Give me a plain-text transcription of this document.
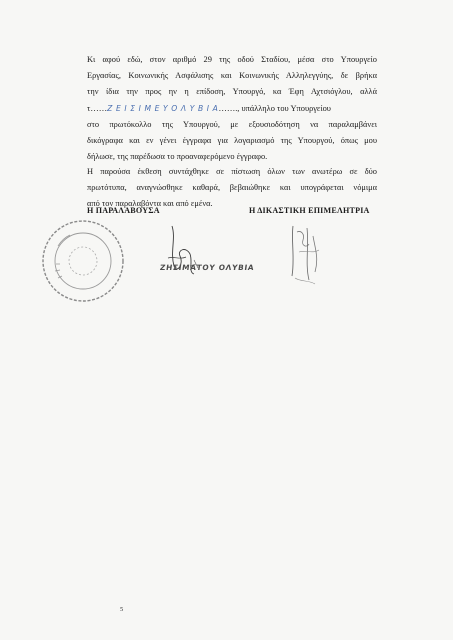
Κι αφού εδώ, στον αριθμό 29 της οδού Σταδίου, μέσα στο Υπουργείο
Εργασίας, Κοινωνικής Ασφάλισης και Κοινωνικής Αλληλεγγύης, δε βρήκα
την ίδια την προς ην η επίδοση, Υπουργό, κα Έφη Αχτσιόγλου, αλλά
τ……Ζ Ε Ι Σ Ι Μ Ε Υ Ο Λ Υ Β Ι Α……., υπάλληλο του Υπουργείου
στο πρωτόκολλο της Υπουργού, με εξουσιοδότηση να παραλαμβάνει
δικόγραφα και εν γένει έγγραφα για λογαριασμό της Υπουργού, όπως μου
δήλωσε, της παρέδωσα το προαναφερόμενο έγγραφο.
Η παρούσα έκθεση συντάχθηκε σε πίστωση όλων των ανωτέρω σε δύο
πρωτότυπα, αναγνώσθηκε καθαρά, βεβαιώθηκε και υπογράφεται νόμιμα
από τον παραλαβόντα και από εμένα.
Η ΠΑΡΑΛΑΒΟΥΣΑ	Η ΔΙΚΑΣΤΙΚΗ ΕΠΙΜΕΛΗΤΡΙΑ
ΖΗΣΙΜΑΤΟΥ ΟΛΥΒΙΑ
5
